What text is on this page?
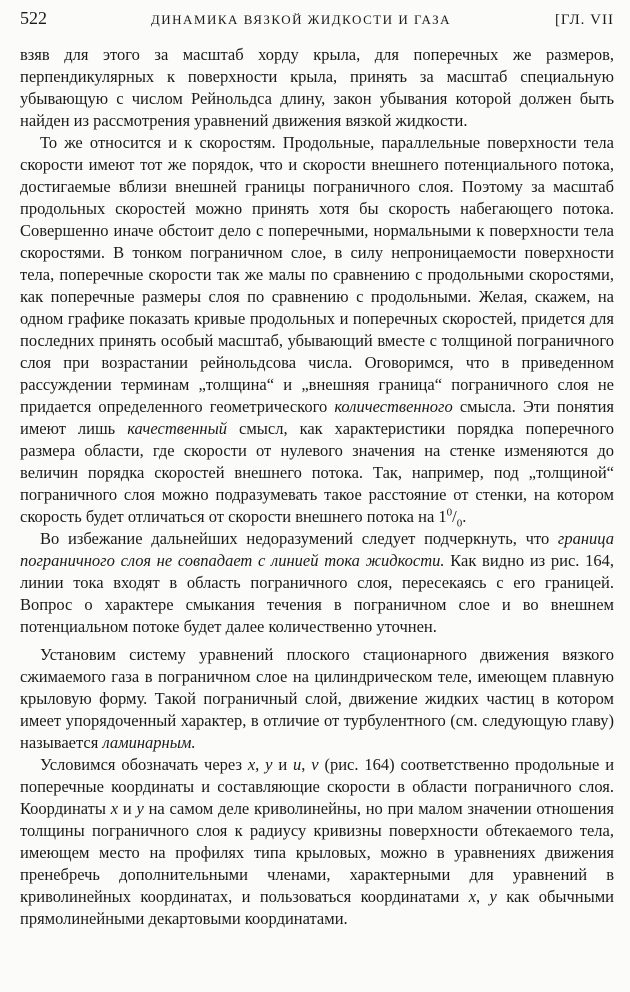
522	ДИНАМИКА ВЯЗКОЙ ЖИДКОСТИ И ГАЗА	[ГЛ. VII

взяв для этого за масштаб хорду крыла, для поперечных же размеров, перпендикулярных к поверхности крыла, принять за масштаб специальную убывающую с числом Рейнольдса длину, закон убывания которой должен быть найден из рассмотрения уравнений движения вязкой жидкости.

То же относится и к скоростям. Продольные, параллельные поверхности тела скорости имеют тот же порядок, что и скорости внешнего потенциального потока, достигаемые вблизи внешней границы пограничного слоя. Поэтому за масштаб продольных скоростей можно принять хотя бы скорость набегающего потока. Совершенно иначе обстоит дело с поперечными, нормальными к поверхности тела скоростями. В тонком пограничном слое, в силу непроницаемости поверхности тела, поперечные скорости так же малы по сравнению с продольными скоростями, как поперечные размеры слоя по сравнению с продольными. Желая, скажем, на одном графике показать кривые продольных и поперечных скоростей, придется для последних принять особый масштаб, убывающий вместе с толщиной пограничного слоя при возрастании рейнольдсова числа. Оговоримся, что в приведенном рассуждении терминам „толщина“ и „внешняя граница“ пограничного слоя не придается определенного геометрического количественного смысла. Эти понятия имеют лишь качественный смысл, как характеристики порядка поперечного размера области, где скорости от нулевого значения на стенке изменяются до величин порядка скоростей внешнего потока. Так, например, под „толщиной“ пограничного слоя можно подразумевать такое расстояние от стенки, на котором скорость будет отличаться от скорости внешнего потока на $1^0/_0$.

Во избежание дальнейших недоразумений следует подчеркнуть, что граница пограничного слоя не совпадает с линией тока жидкости. Как видно из рис. 164, линии тока входят в область пограничного слоя, пересекаясь с его границей. Вопрос о характере смыкания течения в пограничном слое и во внешнем потенциальном потоке будет далее количественно уточнен.

Установим систему уравнений плоского стационарного движения вязкого сжимаемого газа в пограничном слое на цилиндрическом теле, имеющем плавную крыловую форму. Такой пограничный слой, движение жидких частиц в котором имеет упорядоченный характер, в отличие от турбулентного (см. следующую главу) называется ламинарным.

Условимся обозначать через x, y и u, v (рис. 164) соответственно продольные и поперечные координаты и составляющие скорости в области пограничного слоя. Координаты x и y на самом деле криволинейны, но при малом значении отношения толщины пограничного слоя к радиусу кривизны поверхности обтекаемого тела, имеющем место на профилях типа крыловых, можно в уравнениях движения пренебречь дополнительными членами, характерными для уравнений в криволинейных координатах, и пользоваться координатами x, y как обычными прямолинейными декартовыми координатами.
